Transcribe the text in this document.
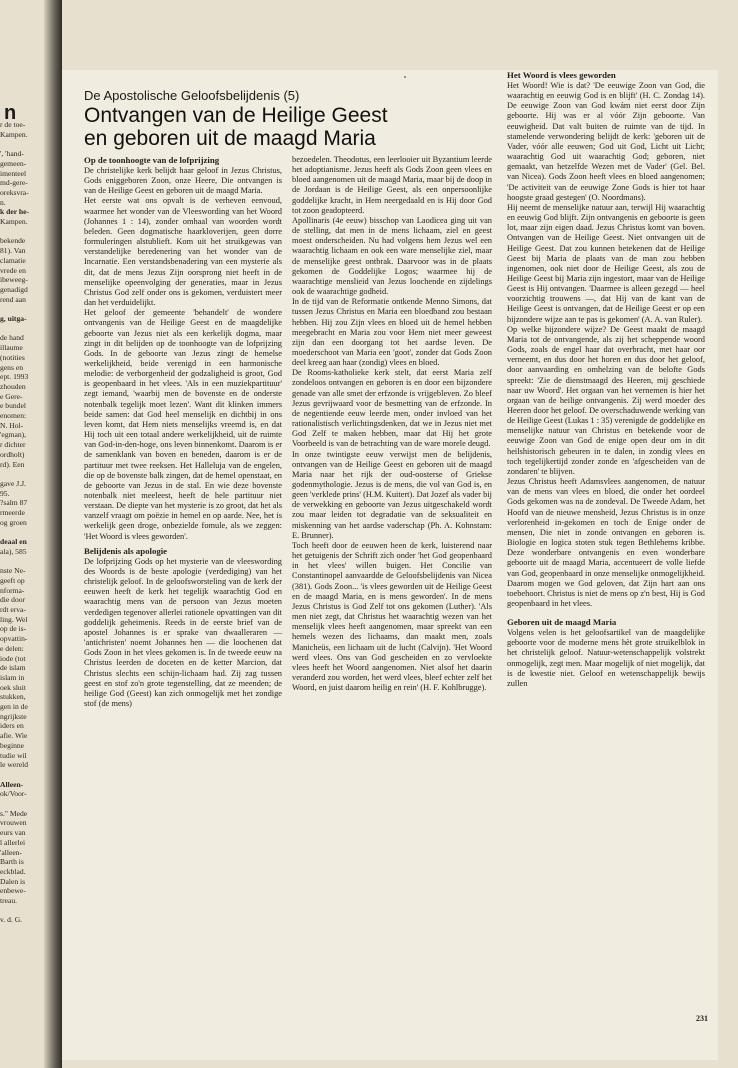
n
r de toe-
Kampen.
', 'hand-
gemeen-
imenteel
md-gere-
oreksvra-
n.
k der he-
Kampen.
bekende
81). Van
clamatie
vrede en
ibeweeg-
genadigd
rend aan
g, uitga-
de hand
illaume
(notities
gens en
ept. 1993
zhouden
e Gere-
e bundel
enomen:
N. Hol-
'egman),
r dichter
ordholt)
rd). Een
gave J.J.
95.
?salm 87
rmeerde
og groen
deaal en
ala), 585
nste Ne-
geeft op
nforma-
die door
rdt erva-
ling. Wel
op de is-
opvattin-
e delen:
iode (tot
de islam
islam in
oek sluit
stukken,
gen in de
ngrijkste
iders en
afie. Wie
beginne
tudie wil
le wereld
Alleen-
ok/Voor-
s." Mede
vrouwen
eurs van
l allerlei
'alleen-
Barth is
eckblad.
Dalen is
enbewe-
treau.
v. d. G.
De Apostolische Geloofsbelijdenis (5)
Ontvangen van de Heilige Geest
en geboren uit de maagd Maria
Op de toonhoogte van de lofprijzing
De christelijke kerk belijdt haar geloof in Jezus Christus, Gods eniggeboren Zoon, onze Heere, Die ontvangen is van de Heilige Geest en geboren uit de maagd Maria.
Het eerste wat ons opvalt is de verheven eenvoud, waarmee het wonder van de Vleeswording van het Woord (Johannes 1 : 14), zonder omhaal van woorden wordt beleden. Geen dogmatische haarkloverijen, geen dorre formuleringen alstublieft. Kom uit het struikgewas van verstandelijke beredenering van het wonder van de Incarnatie. Een verstandsbenadering van een mysterie als dit, dat de mens Jezus Zijn oorsprong niet heeft in de menselijke opeenvolging der generaties, maar in Jezus Christus God zelf onder ons is gekomen, verduistert meer dan het verduidelijkt.
Het geloof der gemeente 'behandelt' de wondere ontvangenis van de Heilige Geest en de maagdelijke geboorte van Jezus niet als een kerkelijk dogma, maar zingt in dit belijden op de toonhoogte van de lofprijzing Gods. In de geboorte van Jezus zingt de hemelse werkelijkheid, beide verenigd in een harmonische melodie: de verborgenheid der godzaligheid is groot, God is geopenbaard in het vlees. 'Als in een muziekpartituur' zegt iemand, 'waarbij men de bovenste en de onderste notenbalk tegelijk moet lezen'. Want dit klinken immers beide samen: dat God heel menselijk en dichtbij in ons leven komt, dat Hem niets menselijks vreemd is, en dat Hij toch uit een totaal andere werkelijkheid, uit de ruimte van God-in-den-hoge, ons leven binnenkomt. Daarom is er de samenklank van boven en beneden, daarom is er de partituur met twee reeksen. Het Halleluja van de engelen, die op de bovenste balk zingen, dat de hemel openstaat, en de geboorte van Jezus in de stal. En wie deze bovenste notenbalk niet meeleest, heeft de hele partituur niet verstaan. De diepte van het mysterie is zo groot, dat het als vanzelf vraagt om poëzie in hemel en op aarde. Nee, het is werkelijk geen droge, onbezielde fomule, als we zeggen: 'Het Woord is vlees geworden'.
Belijdenis als apologie
De lofprijzing Gods op het mysterie van de vleeswording des Woords is de beste apologie (verdediging) van het christelijk geloof. In de geloofsworsteling van de kerk der eeuwen heeft de kerk het tegelijk waarachtig God en waarachtig mens van de persoon van Jezus moeten verdedigen tegenover allerlei rationele opvattingen van dit goddelijk geheimenis. Reeds in de eerste brief van de apostel Johannes is er sprake van dwaalleraren — 'antichristen' noemt Johannes hen — die loochenen dat Gods Zoon in het vlees gekomen is. In de tweede eeuw na Christus leerden de doceten en de ketter Marcion, dat Christus slechts een schijn-lichaam had. Zij zag tussen geest en stof zo'n grote tegenstelling, dat ze meenden; de heilige God (Geest) kan zich onmogelijk met het zondige stof (de mens)
bezoedelen. Theodotus, een leerlooier uit Byzantium leerde het adoptianisme. Jezus heeft als Gods Zoon geen vlees en bloed aangenomen uit de maagd Maria, maar bij de doop in de Jordaan is de Heilige Geest, als een onpersoonlijke goddelijke kracht, in Hem neergedaald en is Hij door God tot zoon geadopteerd.
Apollinaris (4e eeuw) bisschop van Laodicea ging uit van de stelling, dat men in de mens lichaam, ziel en geest moest onderscheiden. Nu had volgens hem Jezus wel een waarachtig lichaam en ook een ware menselijke ziel, maar de menselijke geest ontbrak. Daarvoor was in de plaats gekomen de Goddelijke Logos; waarmee hij de waarachtige menslieid van Jezus loochende en zijdelings ook de waarachtige godheid.
In de tijd van de Reformatie ontkende Menno Simons, dat tussen Jezus Christus en Maria een bloedband zou bestaan hebben. Hij zou Zijn vlees en bloed uit de hemel hebben meegebracht en Maria zou voor Hem niet meer geweest zijn dan een doorgang tot het aardse leven. De moederschoot van Maria een 'goot', zonder dat Gods Zoon deel kreeg aan haar (zondig) vlees en bloed.
De Rooms-katholieke kerk stelt, dat eerst Maria zelf zondeloos ontvangen en geboren is en door een bijzondere genade van alle smet der erfzonde is vrijgebleven. Zo bleef Jezus gevrijwaard voor de besmetting van de erfzonde. In de negentiende eeuw leerde men, onder invloed van het rationalistisch verlichtingsdenken, dat we in Jezus niet met God Zelf te maken hebben, maar dat Hij het grote Voorbeeld is van de betrachting van de ware morele deugd.
In onze twintigste eeuw verwijst men de belijdenis, ontvangen van de Heilige Geest en geboren uit de maagd Maria naar het rijk der oud-oosterse of Griekse godenmythologie. Jezus is de mens, die vol van God is, en geen 'verklede prins' (H.M. Kuitert). Dat Jozef als vader bij de verwekking en geboorte van Jezus uitgeschakeld wordt zou maar leiden tot degradatie van de seksualiteit en miskenning van het aardse vaderschap (Ph. A. Kohnstam: E. Brunner).
Toch heeft door de eeuwen heen de kerk, luisterend naar het getuigenis der Schrift zich onder 'het God geopenbaard in het vlees' willen buigen. Het Concilie van Constantinopel aanvaardde de Geloofsbelijdenis van Nicea (381). Gods Zoon... 'is vlees geworden uit de Heilige Geest en de maagd Maria, en is mens geworden'. In de mens Jezus Christus is God Zelf tot ons gekomen (Luther). 'Als men niet zegt, dat Christus het waarachtig wezen van het menselijk vlees heeft aangenomen, maar spreekt van een hemels wezen des lichaams, dan maakt men, zoals Manicheüs, een lichaam uit de lucht (Calvijn). 'Het Woord werd vlees. Ons van God gescheiden en zo vervloekte vlees heeft het Woord aangenomen. Niet alsof het daarin veranderd zou worden, het werd vlees, bleef echter zelf het Woord, en juist daarom heilig en rein' (H. F. Kohlbrugge).
Het Woord is vlees geworden
Het Woord! Wie is dat? 'De eeuwige Zoon van God, die waarachtig en eeuwig God is en blijft' (H. C. Zondag 14). De eeuwige Zoon van God kwám niet eerst door Zijn geboorte. Hij was er al vóór Zijn geboorte. Van eeuwigheid. Dat valt buiten de ruimte van de tijd. In stamelende verwondering belijdt de kerk: 'geboren uit de Vader, vóór alle eeuwen; God uit God, Licht uit Licht; waarachtig God uit waarachtig God; geboren, niet gemaakt, van hetzelfde Wezen met de Vader' (Gel. Bel. van Nicea). Gods Zoon heeft vlees en bloed aangenomen; 'De activiteit van de eeuwige Zone Gods is hier tot haar hoogste graad gestegen' (O. Noordmans).
Hij neemt de menselijke natuur aan, terwijl Hij waarachtig en eeuwig God blijft. Zijn ontvangenis en geboorte is geen lot, maar zijn eigen daad. Jezus Christus komt van boven. Ontvangen van de Heilige Geest. Niet ontvangen uit de Heilige Geest. Dat zou kunnen betekenen dat de Heilige Geest bij Maria de plaats van de man zou hebben ingenomen, ook niet door de Heilige Geest, als zou de Heilige Geest bij Maria zijn ingestort, maar van de Heilige Geest is Hij ontvangen. 'Daarmee is alleen gezegd — heel voorzichtig trouwens —, dat Hij van de kant van de Heilige Geest is ontvangen, dat de Heilige Geest er op een bijzondere wijze aan te pas is gekomen' (A. A. van Ruler).
Op welke bijzondere wijze? De Geest maakt de maagd Maria tot de ontvangende, als zij het scheppende woord Gods, zoals de engel haar dat overbracht, met haar oor verneemt, en dus door het horen en dus door het geloof, door aanvaarding en omhelzing van de belofte Gods spreekt: 'Zie de dienstmaagd des Heeren, mij geschiede naar uw Woord'. Het orgaan van het vernemen is hier het orgaan van de heilige ontvangenis. Zij werd moeder des Heeren door het geloof. De overschaduwende werking van de Heilige Geest (Lukas 1 : 35) verenigde de goddelijke en menselijke natuur van Christus en betekende voor de eeuwige Zoon van God de enige open deur om in dit heilshistorisch gebeuren in te dalen, in zondig vlees en toch tegelijkertijd zonder zonde en 'afgescheiden van de zondaren' te blijven.
Jezus Christus heeft Adamsvlees aangenomen, de natuur van de mens van vlees en bloed, die onder het oordeel Gods gekomen was na de zondeval. De Tweede Adam, het Hoofd van de nieuwe mensheid, Jezus Christus is in onze verlorenheid in-gekomen en toch de Enige onder de mensen, Die niet in zonde ontvangen en geboren is. Biologie en logica stoten stuk tegen Bethlehems kribbe. Deze wonderbare ontvangenis en even wonderbare geboorte uit de maagd Maria, accentueert de volle liefde van God, geopenbaard in onze menselijke onmogelijkheid. Daarom mogen we God geloven, dat Zijn hart aan ons toebehoort. Christus is niet de mens op z'n best, Hij is God geopenbaard in het vlees.
Geboren uit de maagd Maria
Volgens velen is het geloofsartikel van de maagdelijke geboorte voor de moderne mens hèt grote struikelblok in het christelijk geloof. Natuur-wetenschappelijk volstrekt onmogelijk, zegt men. Maar mogelijk of niet mogelijk, dat is de kwestie niet. Geloof en wetenschappelijk bewijs zullen
231
